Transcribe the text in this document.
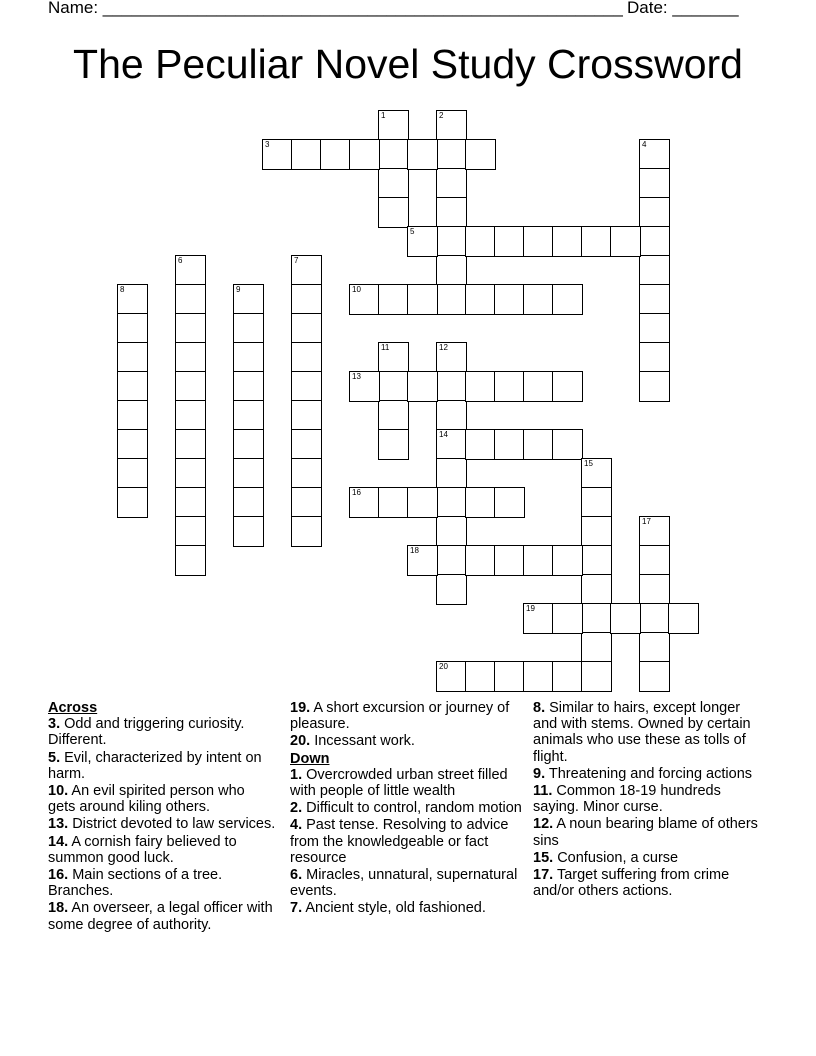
Name: _______________________________________________________ Date: _______
The Peculiar Novel Study Crossword
1	2
3	4
5
6	7
8	9	10
11	12
14
13
15
16
17
18
19
20
Across
3. Odd and triggering curiosity. Different.
5. Evil, characterized by intent on harm.
10. An evil spirited person who gets around kiling others.
13. District devoted to law services.
14. A cornish fairy believed to summon good luck.
16. Main sections of a tree. Branches.
18. An overseer, a legal officer with some degree of authority.
19. A short excursion or journey of pleasure.
20. Incessant work.
Down
1. Overcrowded urban street filled with people of little wealth
2. Difficult to control, random motion
4. Past tense. Resolving to advice from the knowledgeable or fact resource
6. Miracles, unnatural, supernatural events.
7. Ancient style, old fashioned.
8. Similar to hairs, except longer and with stems. Owned by certain animals who use these as tolls of flight.
9. Threatening and forcing actions
11. Common 18-19 hundreds saying. Minor curse.
12. A noun bearing blame of others sins
15. Confusion, a curse
17. Target suffering from crime and/or others actions.
